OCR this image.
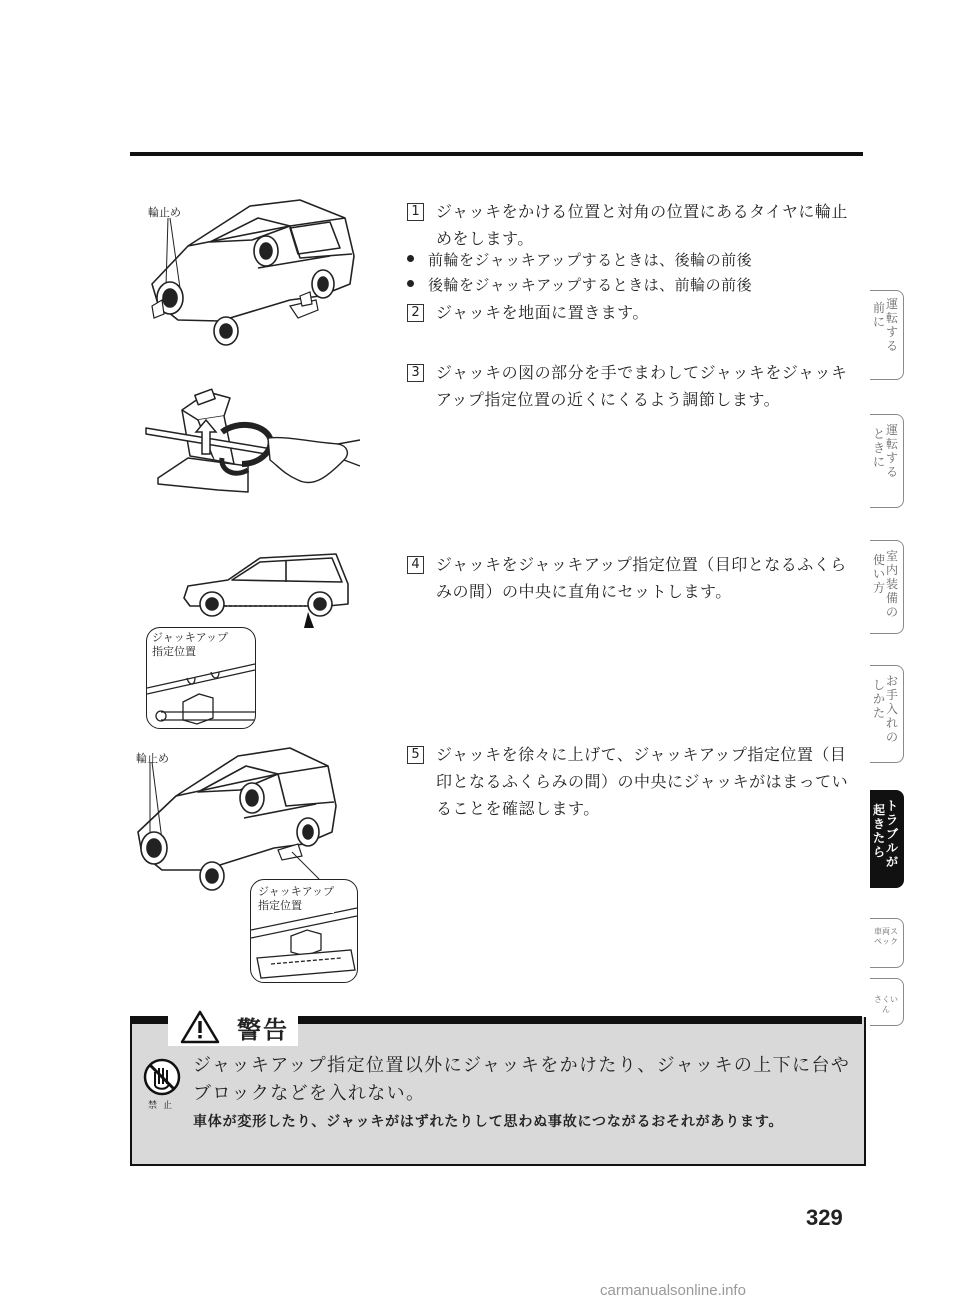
輪止め
ジャッキアップ
指定位置
輪止め
ジャッキアップ
指定位置
1 ジャッキをかける位置と対角の位置にあるタイヤに輪止めをします。
前輪をジャッキアップするときは、後輪の前後
後輪をジャッキアップするときは、前輪の前後
2 ジャッキを地面に置きます。
3 ジャッキの図の部分を手でまわしてジャッキをジャッキアップ指定位置の近くにくるよう調節します。
4 ジャッキをジャッキアップ指定位置（目印となるふくらみの間）の中央に直角にセットします。
5 ジャッキを徐々に上げて、ジャッキアップ指定位置（目印となるふくらみの間）の中央にジャッキがはまっていることを確認します。
前に
運転する
ときに
運転する
使い方
室内装備の
しかた
お手入れの
起きたら
トラブルが
車両スペック
さくいん
警告
禁止
ジャッキアップ指定位置以外にジャッキをかけたり、ジャッキの上下に台やブロックなどを入れない。
車体が変形したり、ジャッキがはずれたりして思わぬ事故につながるおそれがあります。
329
carmanualsonline.info
